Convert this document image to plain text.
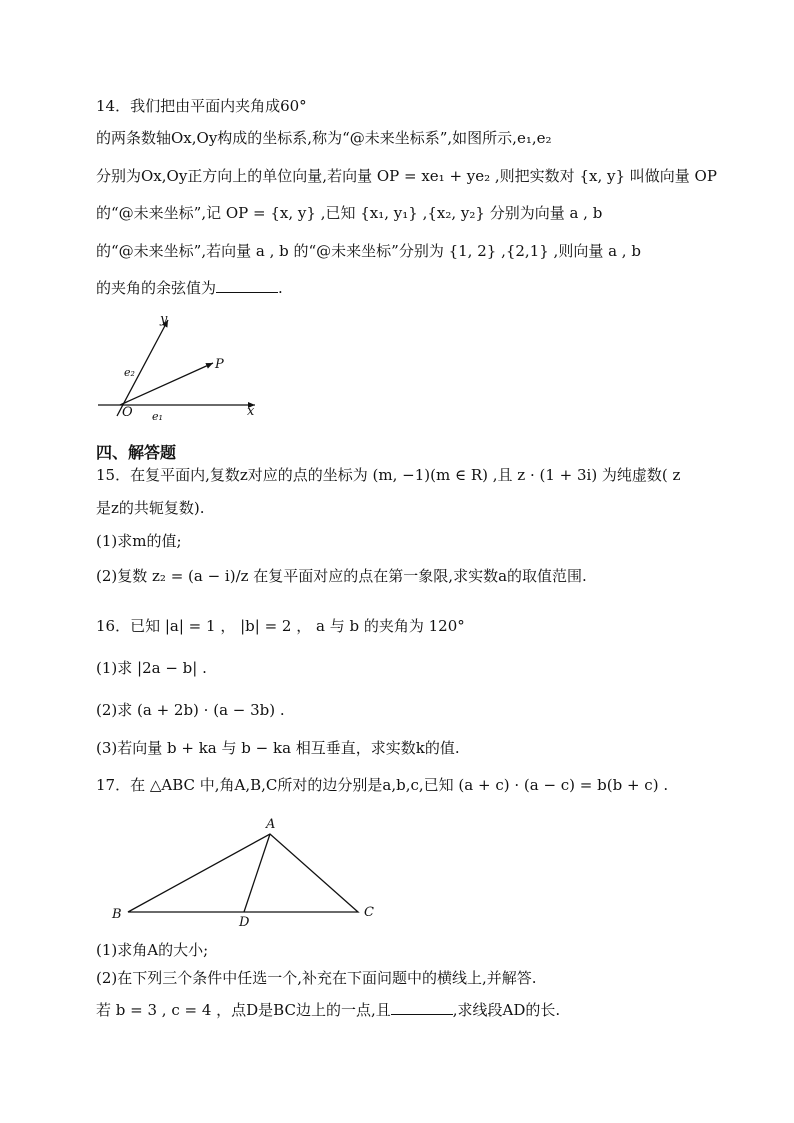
14．我们把由平面内夹角成60°
的两条数轴Ox,Oy构成的坐标系,称为“@未来坐标系”,如图所示,e₁,e₂
分别为Ox,Oy正方向上的单位向量,若向量 OP = xe₁ + ye₂ ,则把实数对 {x, y} 叫做向量 OP
的“@未来坐标”,记 OP = {x, y} ,已知 {x₁, y₁} ,{x₂, y₂} 分别为向量 a , b
的“@未来坐标”,若向量 a , b 的“@未来坐标”分别为 {1, 2} ,{2,1} ,则向量 a , b
的夹角的余弦值为	.
y
x
P
O e₁
e₂
四、解答题
15．在复平面内,复数z对应的点的坐标为 (m, −1)(m ∈ R) ,且 z · (1 + 3i) 为纯虚数( z
是z的共轭复数).
(1)求m的值;
(2)复数 z₂ = (a − i)/z 在复平面对应的点在第一象限,求实数a的取值范围.
16．已知 |a| = 1 ， |b| = 2 ， a 与 b 的夹角为 120°
(1)求 |2a − b| .
(2)求 (a + 2b) · (a − 3b) .
(3)若向量 b + ka 与 b − ka 相互垂直，求实数k的值.
17．在 △ABC 中,角A,B,C所对的边分别是a,b,c,已知 (a + c) · (a − c) = b(b + c) .
A
B	C
D
(1)求角A的大小;
(2)在下列三个条件中任选一个,补充在下面问题中的横线上,并解答.
若 b = 3 , c = 4 ，点D是BC边上的一点,且	,求线段AD的长.
